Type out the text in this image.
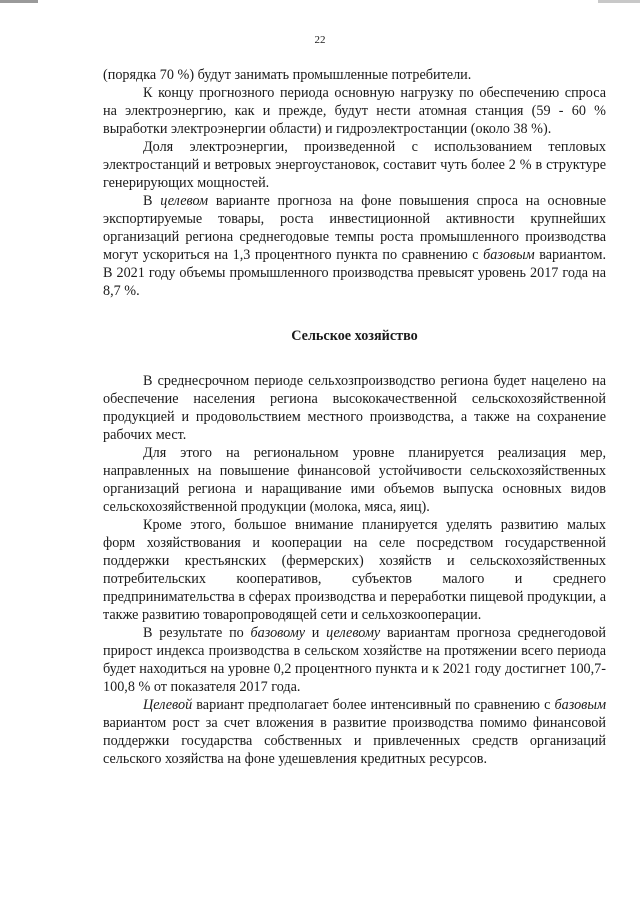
22

(порядка 70 %) будут занимать промышленные потребители.

К концу прогнозного периода основную нагрузку по обеспечению спроса на электроэнергию, как и прежде, будут нести атомная станция (59 - 60 % выработки электроэнергии области) и гидроэлектростанции (около 38 %).

Доля электроэнергии, произведенной с использованием тепловых электростанций и ветровых энергоустановок, составит чуть более 2 % в структуре генерирующих мощностей.

В целевом варианте прогноза на фоне повышения спроса на основные экспортируемые товары, роста инвестиционной активности крупнейших организаций региона среднегодовые темпы роста промышленного производства могут ускориться на 1,3 процентного пункта по сравнению с базовым вариантом. В 2021 году объемы промышленного производства превысят уровень 2017 года на 8,7 %.

Сельское хозяйство

В среднесрочном периоде сельхозпроизводство региона будет нацелено на обеспечение населения региона высококачественной сельскохозяйственной продукцией и продовольствием местного производства, а также на сохранение рабочих мест.

Для этого на региональном уровне планируется реализация мер, направленных на повышение финансовой устойчивости сельскохозяйственных организаций региона и наращивание ими объемов выпуска основных видов сельскохозяйственной продукции (молока, мяса, яиц).

Кроме этого, большое внимание планируется уделять развитию малых форм хозяйствования и кооперации на селе посредством государственной поддержки крестьянских (фермерских) хозяйств и сельскохозяйственных потребительских кооперативов, субъектов малого и среднего предпринимательства в сферах производства и переработки пищевой продукции, а также развитию товаропроводящей сети и сельхозкооперации.

В результате по базовому и целевому вариантам прогноза среднегодовой прирост индекса производства в сельском хозяйстве на протяжении всего периода будет находиться на уровне 0,2 процентного пункта и к 2021 году достигнет 100,7-100,8 % от показателя 2017 года.

Целевой вариант предполагает более интенсивный по сравнению с базовым вариантом рост за счет вложения в развитие производства помимо финансовой поддержки государства собственных и привлеченных средств организаций сельского хозяйства на фоне удешевления кредитных ресурсов.
